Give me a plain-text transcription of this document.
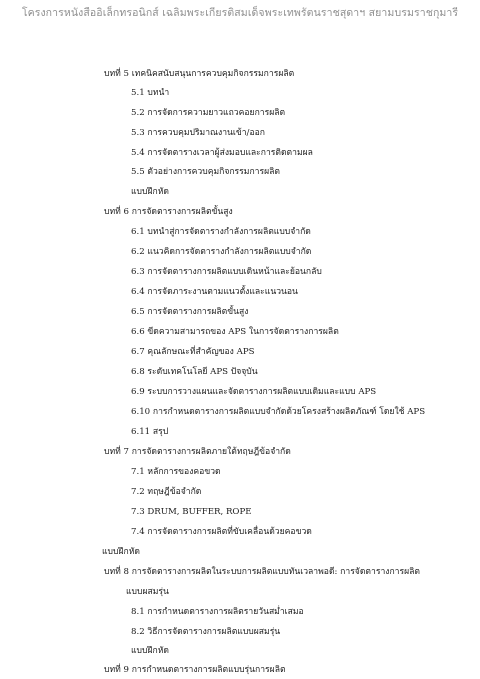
โครงการหนังสืออิเล็กทรอนิกส์ เฉลิมพระเกียรติสมเด็จพระเทพรัตนราชสุดาฯ สยามบรมราชกุมารี
บทที่ 5 เทคนิคสนับสนุนการควบคุมกิจกรรมการผลิต
5.1 บทนำ
5.2 การจัดการความยาวแถวคอยการผลิต
5.3 การควบคุมปริมาณงานเข้า/ออก
5.4 การจัดตารางเวลาผู้ส่งมอบและการติดตามผล
5.5 ตัวอย่างการควบคุมกิจกรรมการผลิต
แบบฝึกหัด
บทที่ 6 การจัดตารางการผลิตขั้นสูง
6.1 บทนำสู่การจัดตารางกำลังการผลิตแบบจำกัด
6.2 แนวคิดการจัดตารางกำลังการผลิตแบบจำกัด
6.3 การจัดตารางการผลิตแบบเดินหน้าและย้อนกลับ
6.4 การจัดภาระงานตามแนวตั้งและแนวนอน
6.5 การจัดตารางการผลิตขั้นสูง
6.6 ขีดความสามารถของ APS ในการจัดตารางการผลิต
6.7 คุณลักษณะที่สำคัญของ APS
6.8 ระดับเทคโนโลยี APS ปัจจุบัน
6.9 ระบบการวางแผนและจัดตารางการผลิตแบบเดิมและแบบ APS
6.10 การกำหนดตารางการผลิตแบบจำกัดด้วยโครงสร้างผลิตภัณฑ์ โดยใช้ APS
6.11 สรุป
บทที่ 7 การจัดตารางการผลิตภายใต้ทฤษฎีข้อจำกัด
7.1 หลักการของคอขวด
7.2 ทฤษฎีข้อจำกัด
7.3 DRUM, BUFFER, ROPE
7.4 การจัดตารางการผลิตที่ขับเคลื่อนด้วยคอขวด
แบบฝึกหัด
บทที่ 8 การจัดตารางการผลิตในระบบการผลิตแบบทันเวลาพอดี: การจัดตารางการผลิต
แบบผสมรุ่น
8.1 การกำหนดตารางการผลิตรายวันสม่ำเสมอ
8.2 วิธีการจัดตารางการผลิตแบบผสมรุ่น
แบบฝึกหัด
บทที่ 9 การกำหนดตารางการผลิตแบบรุ่นการผลิต
